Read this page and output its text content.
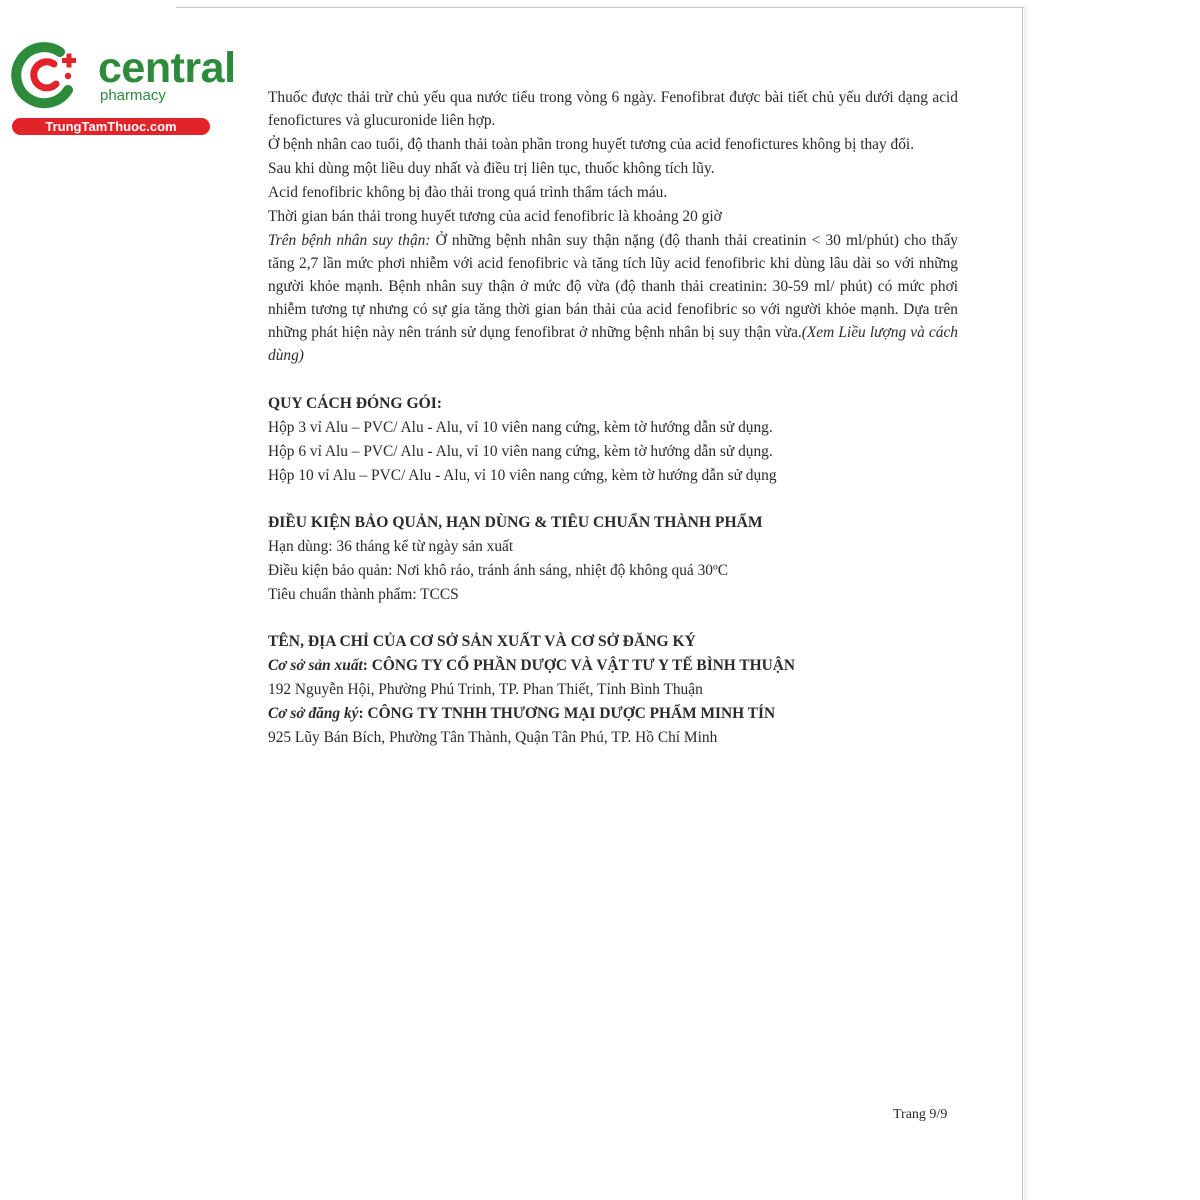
central
pharmacy
TrungTamThuoc.com

Thuốc được thải trừ chủ yếu qua nước tiểu trong vòng 6 ngày. Fenofibrat được bài tiết chủ yếu dưới dạng acid fenofictures và glucuronide liên hợp.

Ở bệnh nhân cao tuổi, độ thanh thải toàn phần trong huyết tương của acid fenofictures không bị thay đổi.

Sau khi dùng một liều duy nhất và điều trị liên tục, thuốc không tích lũy.

Acid fenofibric không bị đào thải trong quá trình thẩm tách máu.

Thời gian bán thải trong huyết tương của acid fenofibric là khoảng 20 giờ

Trên bệnh nhân suy thận: Ở những bệnh nhân suy thận nặng (độ thanh thải creatinin < 30 ml/phút) cho thấy tăng 2,7 lần mức phơi nhiễm với acid fenofibric và tăng tích lũy acid fenofibric khi dùng lâu dài so với những người khỏe mạnh. Bệnh nhân suy thận ở mức độ vừa (độ thanh thải creatinin: 30-59 ml/ phút) có mức phơi nhiễm tương tự nhưng có sự gia tăng thời gian bán thải của acid fenofibric so với người khỏe mạnh. Dựa trên những phát hiện này nên tránh sử dụng fenofibrat ở những bệnh nhân bị suy thận vừa.(Xem Liều lượng và cách dùng)

QUY CÁCH ĐÓNG GÓI:

Hộp 3 vỉ Alu – PVC/ Alu - Alu, vỉ 10 viên nang cứng, kèm tờ hướng dẫn sử dụng.

Hộp 6 vỉ Alu – PVC/ Alu - Alu, vỉ 10 viên nang cứng, kèm tờ hướng dẫn sử dụng.

Hộp 10 vỉ Alu – PVC/ Alu - Alu, vỉ 10 viên nang cứng, kèm tờ hướng dẫn sử dụng

ĐIỀU KIỆN BẢO QUẢN, HẠN DÙNG & TIÊU CHUẨN THÀNH PHẨM

Hạn dùng: 36 tháng kể từ ngày sản xuất

Điều kiện bảo quản: Nơi khô ráo, tránh ánh sáng, nhiệt độ không quá 30ºC

Tiêu chuẩn thành phẩm: TCCS

TÊN, ĐỊA CHỈ CỦA CƠ SỞ SẢN XUẤT VÀ CƠ SỞ ĐĂNG KÝ

Cơ sở sản xuất: CÔNG TY CỔ PHẦN DƯỢC VÀ VẬT TƯ Y TẾ BÌNH THUẬN

192 Nguyễn Hội, Phường Phú Trinh, TP. Phan Thiết, Tỉnh Bình Thuận

Cơ sở đăng ký: CÔNG TY TNHH THƯƠNG MẠI DƯỢC PHẨM MINH TÍN

925 Lũy Bán Bích, Phường Tân Thành, Quận Tân Phú, TP. Hồ Chí Minh

Trang 9/9
